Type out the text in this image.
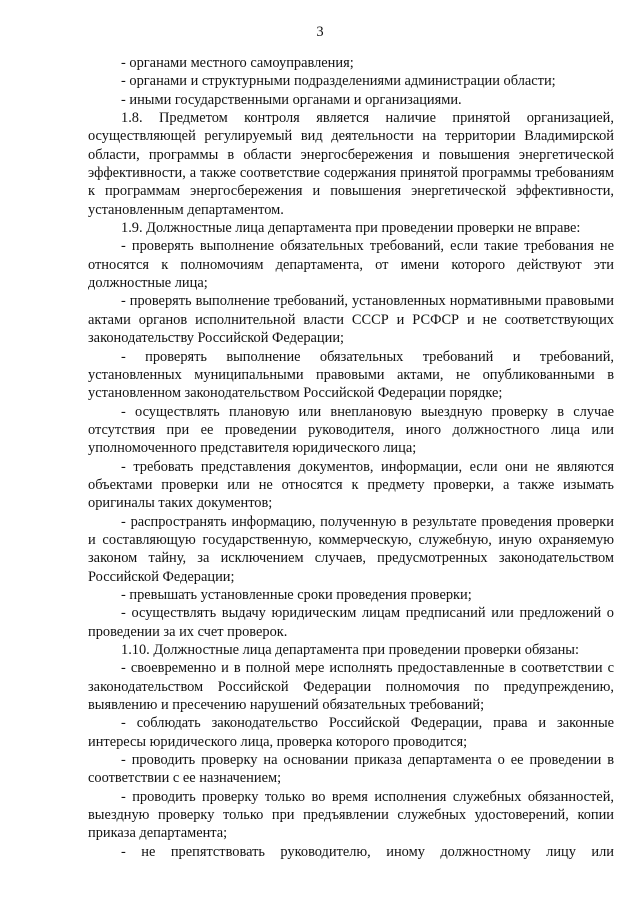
3

- органами местного самоуправления;

- органами и структурными подразделениями администрации области;

- иными государственными органами и организациями.

1.8. Предметом контроля является наличие принятой организацией, осуществляющей регулируемый вид деятельности на территории Владимирской области, программы в области энергосбережения и повышения энергетической эффективности, а также соответствие содержания принятой программы требованиям к программам энергосбережения и повышения энергетической эффективности, установленным департаментом.

1.9. Должностные лица департамента при проведении проверки не вправе:

- проверять выполнение обязательных требований, если такие требования не относятся к полномочиям департамента, от имени которого действуют эти должностные лица;

- проверять выполнение требований, установленных нормативными правовыми актами органов исполнительной власти СССР и РСФСР и не соответствующих законодательству Российской Федерации;

- проверять выполнение обязательных требований и требований, установленных муниципальными правовыми актами, не опубликованными в установленном законодательством Российской Федерации порядке;

- осуществлять плановую или внеплановую выездную проверку в случае отсутствия при ее проведении руководителя, иного должностного лица или уполномоченного представителя юридического лица;

- требовать представления документов, информации, если они не являются объектами проверки или не относятся к предмету проверки, а также изымать оригиналы таких документов;

- распространять информацию, полученную в результате проведения проверки и составляющую государственную, коммерческую, служебную, иную охраняемую законом тайну, за исключением случаев, предусмотренных законодательством Российской Федерации;

- превышать установленные сроки проведения проверки;

- осуществлять выдачу юридическим лицам предписаний или предложений о проведении за их счет проверок.

1.10. Должностные лица департамента при проведении проверки обязаны:

- своевременно и в полной мере исполнять предоставленные в соответствии с законодательством Российской Федерации полномочия по предупреждению, выявлению и пресечению нарушений обязательных требований;

- соблюдать законодательство Российской Федерации, права и законные интересы юридического лица, проверка которого проводится;

- проводить проверку на основании приказа департамента о ее проведении в соответствии с ее назначением;

- проводить проверку только во время исполнения служебных обязанностей, выездную проверку только при предъявлении служебных удостоверений, копии приказа департамента;

- не препятствовать руководителю, иному должностному лицу или
